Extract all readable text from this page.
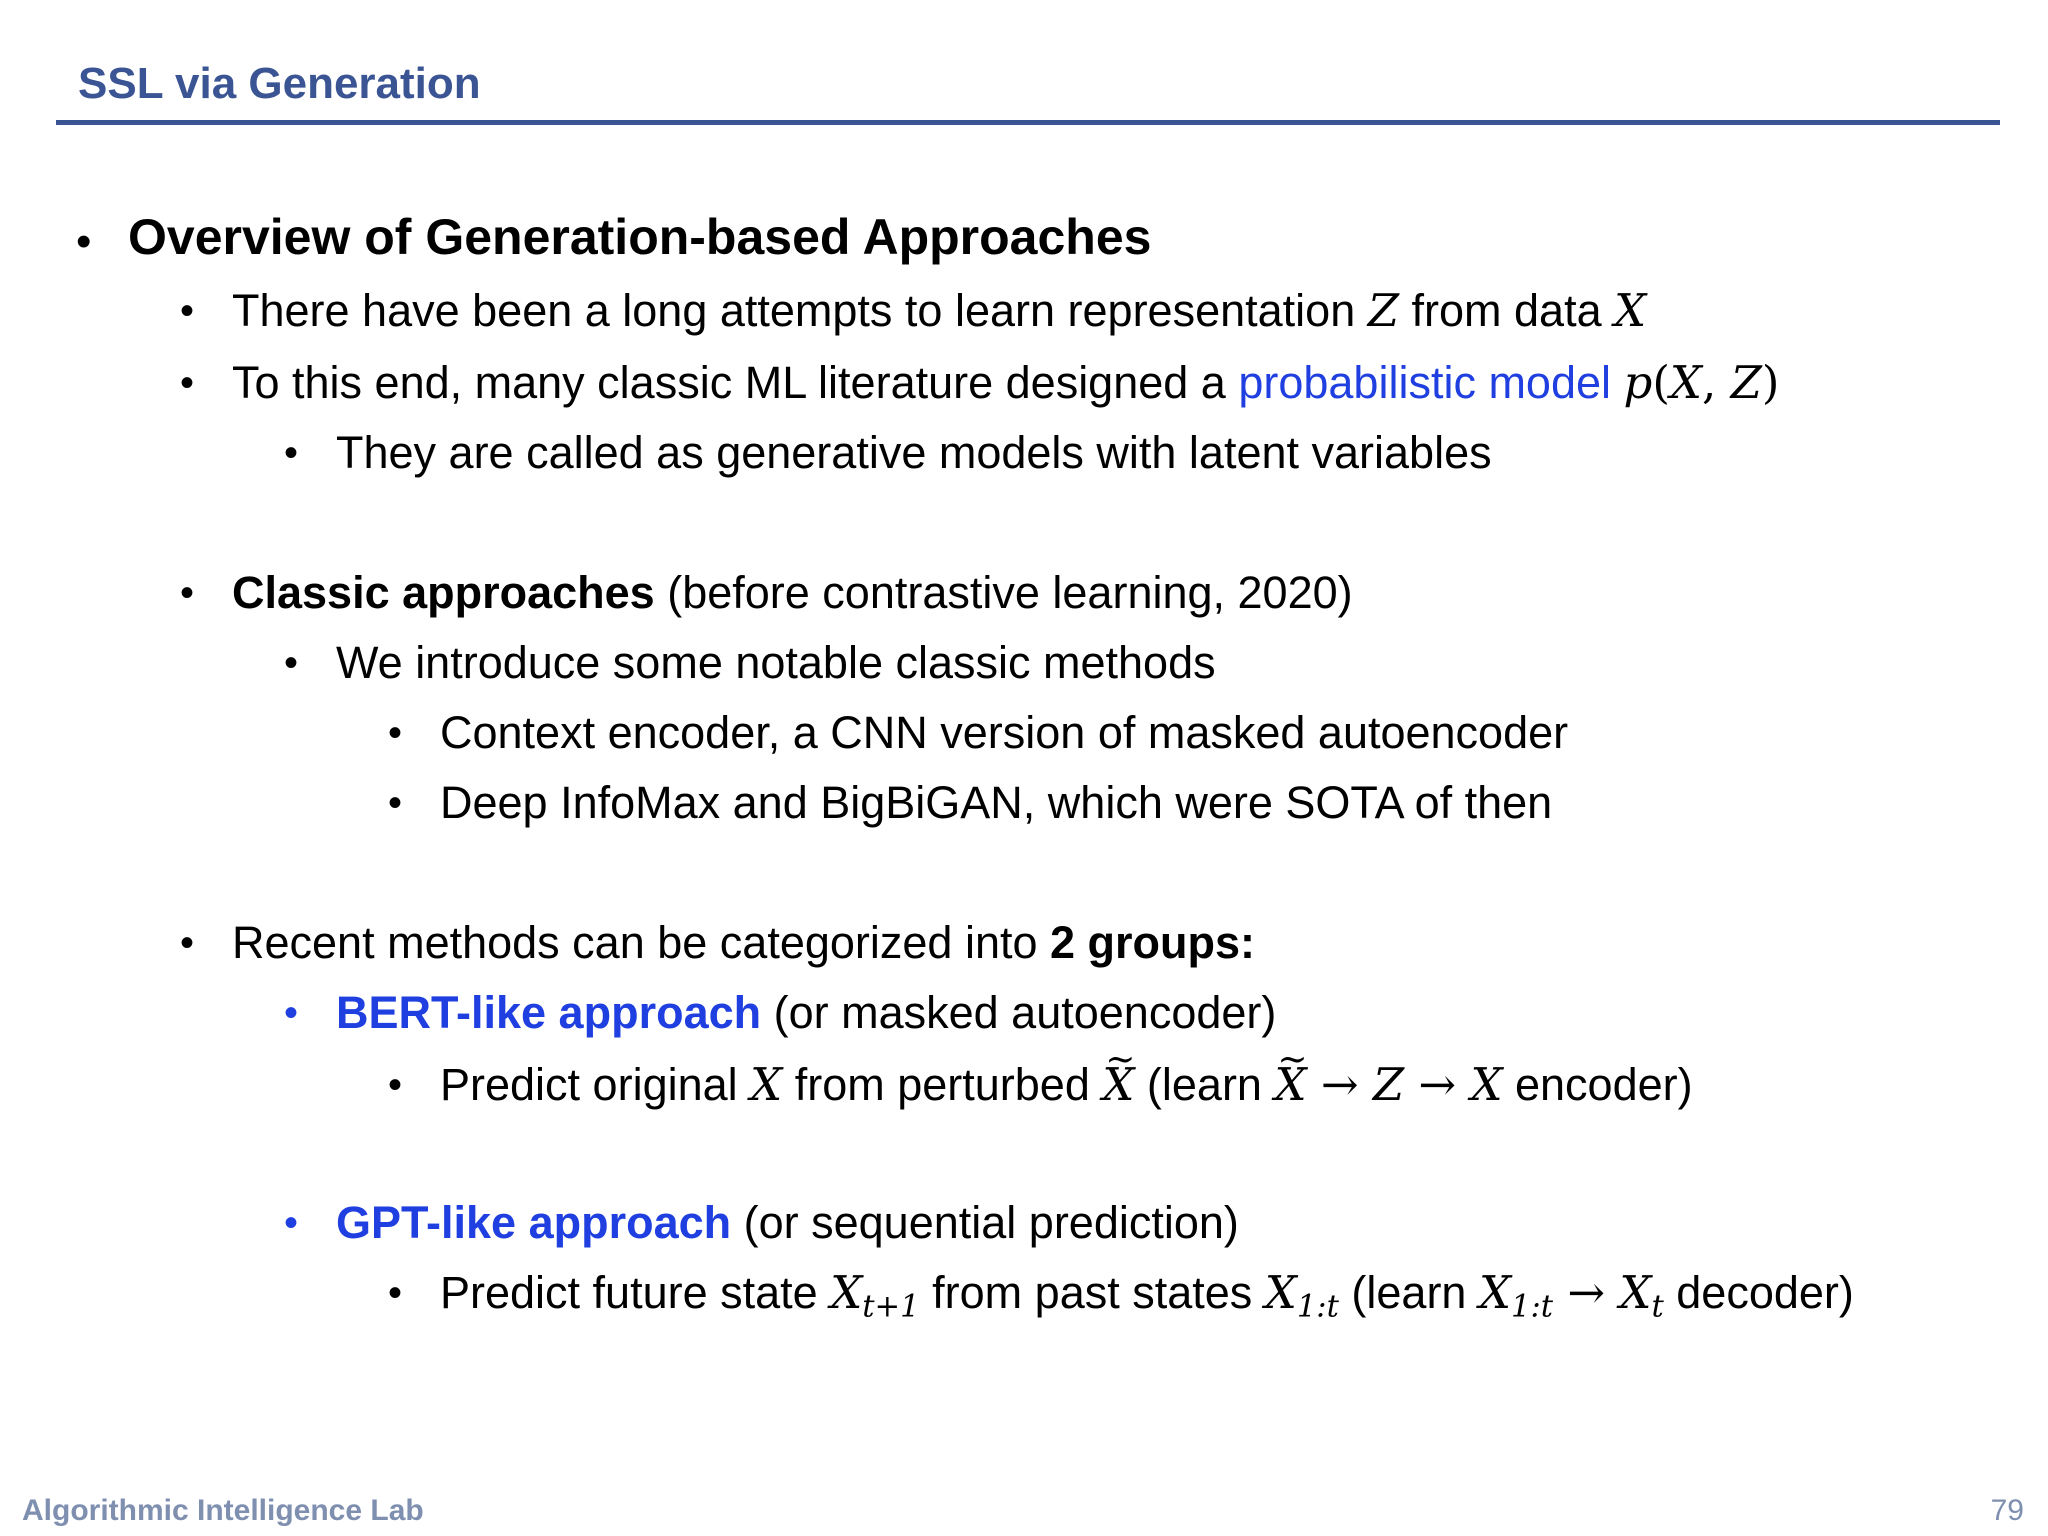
SSL via Generation
• Overview of Generation-based Approaches

• There have been a long attempts to learn representation Z from data X

• To this end, many classic ML literature designed a probabilistic model p(X, Z)

• They are called as generative models with latent variables

• Classic approaches (before contrastive learning, 2020)

• We introduce some notable classic methods

• Context encoder, a CNN version of masked autoencoder

• Deep InfoMax and BigBiGAN, which were SOTA of then

• Recent methods can be categorized into 2 groups:

• BERT-like approach (or masked autoencoder)

• Predict original X from perturbed ~ X (learn ~ X → Z → X encoder)

• GPT-like approach (or sequential prediction)

• Predict future state $X_{t+1}$ from past states $X_{1:t}$ (learn $X_{1:t} \to X_t$ decoder)

Algorithmic Intelligence Lab	79
